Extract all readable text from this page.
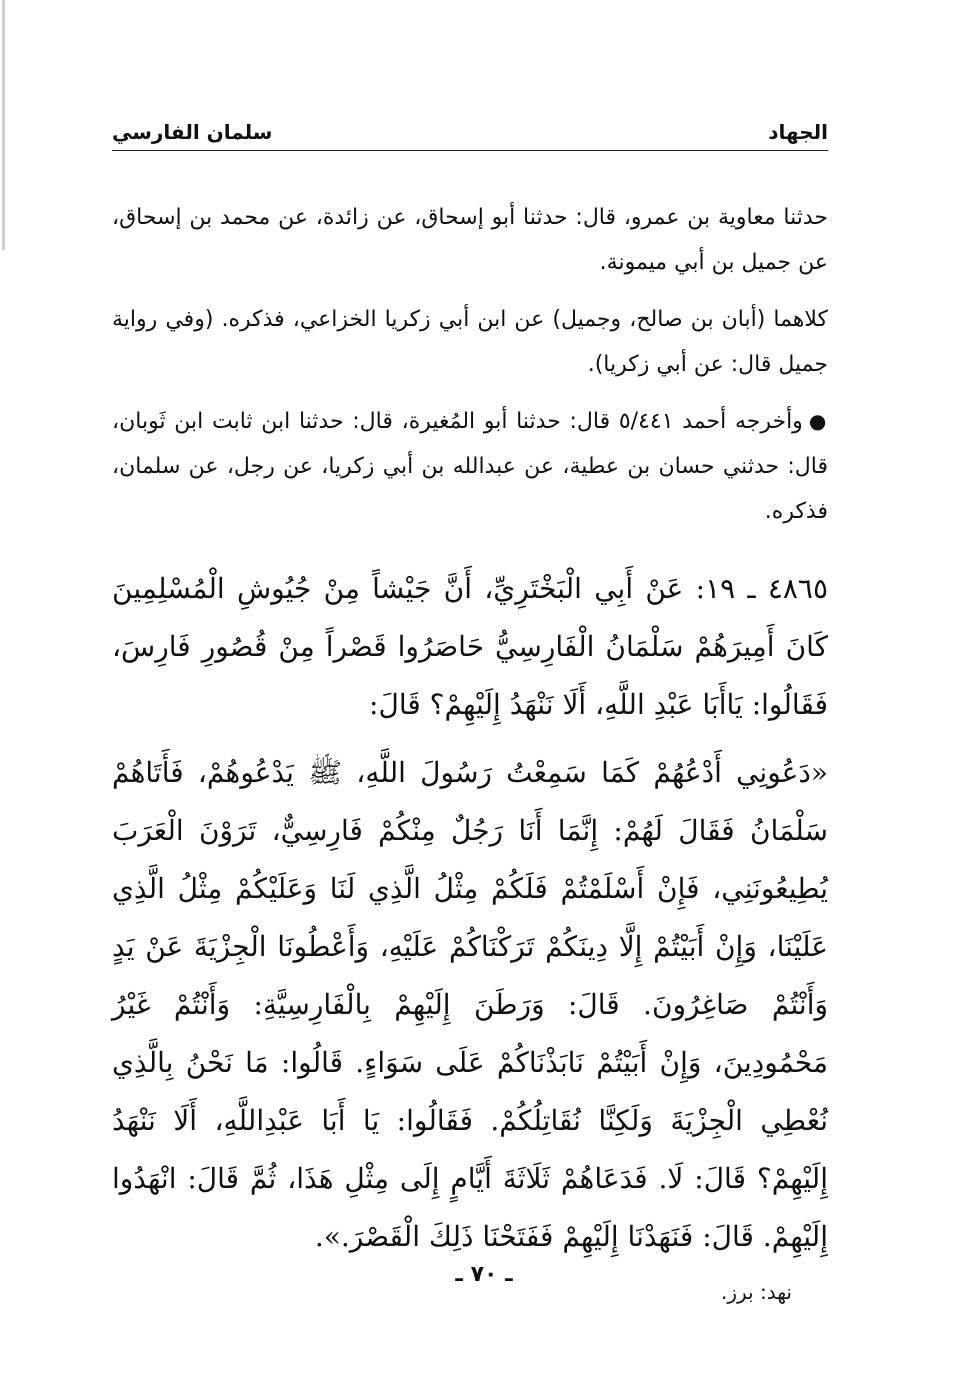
الجهاد
سلمان الفارسي

حدثنا معاوية بن عمرو، قال: حدثنا أبو إسحاق، عن زائدة، عن محمد بن إسحاق، عن جميل بن أبي ميمونة.

كلاهما (أبان بن صالح، وجميل) عن ابن أبي زكريا الخزاعي، فذكره. (وفي رواية جميل قال: عن أبي زكريا).

●وأخرجه أحمد ٥/٤٤١ قال: حدثنا أبو المُغيرة، قال: حدثنا ابن ثابت ابن ثَوبان، قال: حدثني حسان بن عطية، عن عبدالله بن أبي زكريا، عن رجل، عن سلمان، فذكره.

٤٨٦٥ ـ ١٩: عَنْ أَبِي الْبَخْتَرِيِّ، أَنَّ جَيْشاً مِنْ جُيُوشِ الْمُسْلِمِينَ كَانَ أَمِيرَهُمْ سَلْمَانُ الْفَارِسِيُّ حَاصَرُوا قَصْراً مِنْ قُصُورِ فَارِسَ، فَقَالُوا: يَاأَبَا عَبْدِ اللَّهِ، أَلَا نَنْهَدُ إِلَيْهِمْ؟ قَالَ:

«دَعُونِي أَدْعُهُمْ كَمَا سَمِعْتُ رَسُولَ اللَّهِ، ﷺ يَدْعُوهُمْ، فَأَتَاهُمْ سَلْمَانُ فَقَالَ لَهُمْ: إِنَّمَا أَنَا رَجُلٌ مِنْكُمْ فَارِسِيٌّ، تَرَوْنَ الْعَرَبَ يُطِيعُونَنِي، فَإِنْ أَسْلَمْتُمْ فَلَكُمْ مِثْلُ الَّذِي لَنَا وَعَلَيْكُمْ مِثْلُ الَّذِي عَلَيْنَا، وَإِنْ أَبَيْتُمْ إِلَّا دِينَكُمْ تَرَكْنَاكُمْ عَلَيْهِ، وَأَعْطُونَا الْجِزْيَةَ عَنْ يَدٍ وَأَنْتُمْ صَاغِرُونَ. قَالَ: وَرَطَنَ إِلَيْهِمْ بِالْفَارِسِيَّةِ: وَأَنْتُمْ غَيْرُ مَحْمُودِينَ، وَإِنْ أَبَيْتُمْ نَابَذْنَاكُمْ عَلَى سَوَاءٍ. قَالُوا: مَا نَحْنُ بِالَّذِي نُعْطِي الْجِزْيَةَ وَلَكِنَّا نُقَاتِلُكُمْ. فَقَالُوا: يَا أَبَا عَبْدِاللَّهِ، أَلَا نَنْهَدُ إِلَيْهِمْ؟ قَالَ: لَا. فَدَعَاهُمْ ثَلَاثَةَ أَيَّامٍ إِلَى مِثْلِ هَذَا، ثُمَّ قَالَ: انْهَدُوا إِلَيْهِمْ. قَالَ: فَنَهَدْنَا إِلَيْهِمْ فَفَتَحْنَا ذَلِكَ الْقَصْرَ.».

نهد: برز.

ـ ٧٠ ـ
